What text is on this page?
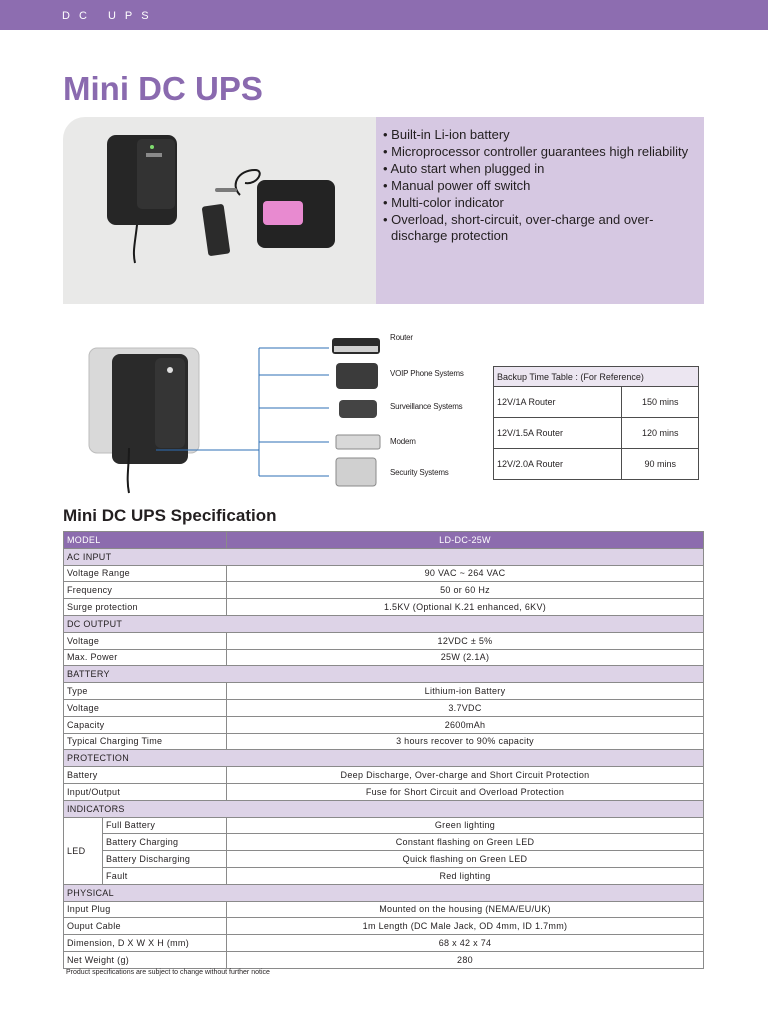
DC UPS
Mini DC UPS
• Built-in Li-ion battery
• Microprocessor controller guarantees high reliability
• Auto start when plugged in
• Manual power off switch
• Multi-color indicator
• Overload, short-circuit, over-charge and over-discharge protection
Router
VOIP Phone Systems
Surveillance Systems
Modem
Security Systems
Backup Time Table : (For Reference)	
12V/1A Router	150 mins
12V/1.5A Router	120 mins
12V/2.0A Router	90 mins
Mini DC UPS Specification
MODEL		LD-DC-25W
AC INPUT		
Voltage Range		90 VAC ~ 264 VAC
Frequency		50 or 60 Hz
Surge protection		1.5KV (Optional K.21 enhanced, 6KV)
DC OUTPUT		
Voltage		12VDC ± 5%
Max. Power		25W (2.1A)
BATTERY		
Type		Lithium-ion Battery
Voltage		3.7VDC
Capacity		2600mAh
Typical Charging Time		3 hours recover to 90% capacity
PROTECTION		
Battery		Deep Discharge, Over-charge and Short Circuit Protection
Input/Output		Fuse for Short Circuit and Overload Protection
INDICATORS		
LED	Full Battery	Green lighting
	Battery Charging	Constant flashing on Green LED
	Battery Discharging	Quick flashing on Green LED
	Fault	Red lighting
PHYSICAL		
Input Plug		Mounted on the housing (NEMA/EU/UK)
Ouput Cable		1m Length (DC Male Jack, OD 4mm, ID 1.7mm)
Dimension, D X W X H (mm)		68 x 42 x 74
Net Weight (g)		280
Product specifications are subject to change without further notice
